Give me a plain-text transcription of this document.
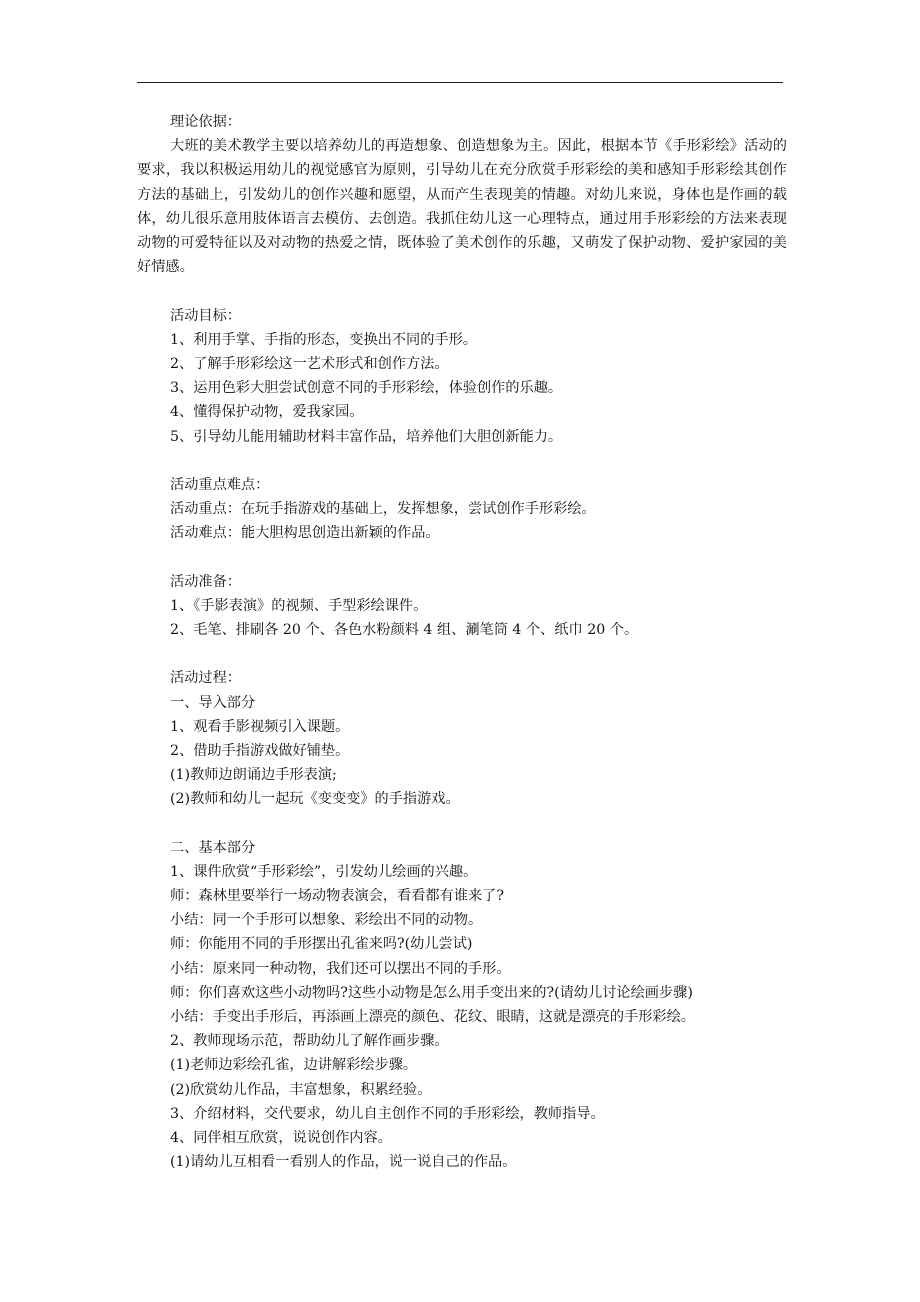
理论依据：
大班的美术教学主要以培养幼儿的再造想象、创造想象为主。因此，根据本节《手形彩绘》活动的要求，我以积极运用幼儿的视觉感官为原则，引导幼儿在充分欣赏手形彩绘的美和感知手形彩绘其创作方法的基础上，引发幼儿的创作兴趣和愿望，从而产生表现美的情趣。对幼儿来说，身体也是作画的载体，幼儿很乐意用肢体语言去模仿、去创造。我抓住幼儿这一心理特点，通过用手形彩绘的方法来表现动物的可爱特征以及对动物的热爱之情，既体验了美术创作的乐趣，又萌发了保护动物、爱护家园的美好情感。
活动目标：
1、利用手掌、手指的形态，变换出不同的手形。
2、了解手形彩绘这一艺术形式和创作方法。
3、运用色彩大胆尝试创意不同的手形彩绘，体验创作的乐趣。
4、懂得保护动物，爱我家园。
5、引导幼儿能用辅助材料丰富作品，培养他们大胆创新能力。
活动重点难点：
活动重点：在玩手指游戏的基础上，发挥想象，尝试创作手形彩绘。
活动难点：能大胆构思创造出新颖的作品。
活动准备：
1、《手影表演》的视频、手型彩绘课件。
2、毛笔、排刷各 20 个、各色水粉颜料 4 组、涮笔筒 4 个、纸巾 20 个。
活动过程：
一、导入部分
1、观看手影视频引入课题。
2、借助手指游戏做好铺垫。
(1)教师边朗诵边手形表演;
(2)教师和幼儿一起玩《变变变》的手指游戏。
二、基本部分
1、课件欣赏“手形彩绘”，引发幼儿绘画的兴趣。
师：森林里要举行一场动物表演会，看看都有谁来了?
小结：同一个手形可以想象、彩绘出不同的动物。
师：你能用不同的手形摆出孔雀来吗?(幼儿尝试)
小结：原来同一种动物，我们还可以摆出不同的手形。
师：你们喜欢这些小动物吗?这些小动物是怎么用手变出来的?(请幼儿讨论绘画步骤)
小结：手变出手形后，再添画上漂亮的颜色、花纹、眼睛，这就是漂亮的手形彩绘。
2、教师现场示范，帮助幼儿了解作画步骤。
(1)老师边彩绘孔雀，边讲解彩绘步骤。
(2)欣赏幼儿作品，丰富想象，积累经验。
3、介绍材料，交代要求，幼儿自主创作不同的手形彩绘，教师指导。
4、同伴相互欣赏，说说创作内容。
(1)请幼儿互相看一看别人的作品，说一说自己的作品。
